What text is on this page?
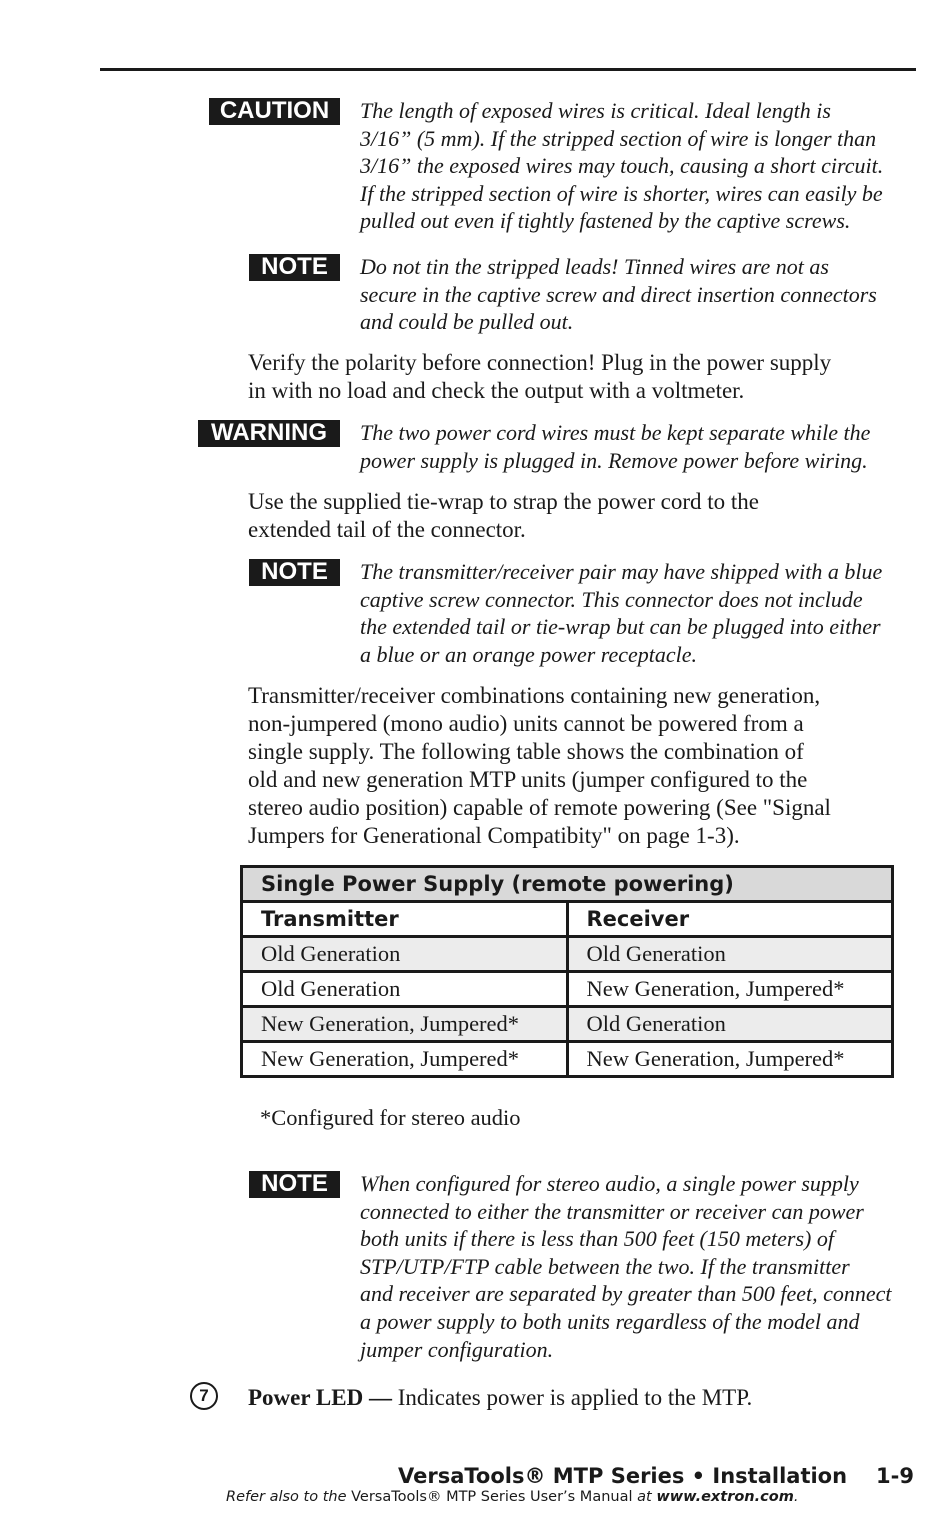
CAUTION	The length of exposed wires is critical. Ideal length is
3/16” (5 mm). If the stripped section of wire is longer than
3/16” the exposed wires may touch, causing a short circuit.
If the stripped section of wire is shorter, wires can easily be
pulled out even if tightly fastened by the captive screws.
NOTE	Do not tin the stripped leads! Tinned wires are not as
secure in the captive screw and direct insertion connectors
and could be pulled out.
Verify the polarity before connection! Plug in the power supply
in with no load and check the output with a voltmeter.
WARNING	The two power cord wires must be kept separate while the
power supply is plugged in. Remove power before wiring.
Use the supplied tie-wrap to strap the power cord to the
extended tail of the connector.
NOTE	The transmitter/receiver pair may have shipped with a blue
captive screw connector. This connector does not include
the extended tail or tie-wrap but can be plugged into either
a blue or an orange power receptacle.
Transmitter/receiver combinations containing new generation,
non-jumpered (mono audio) units cannot be powered from a
single supply. The following table shows the combination of
old and new generation MTP units (jumper configured to the
stereo audio position) capable of remote powering (See "Signal
Jumpers for Generational Compatibity" on page 1-3).
Single Power Supply (remote powering)	
Transmitter	Receiver
Old Generation	Old Generation
Old Generation	New Generation, Jumpered*
New Generation, Jumpered*	Old Generation
New Generation, Jumpered*	New Generation, Jumpered*
*Configured for stereo audio
NOTE	When configured for stereo audio, a single power supply
connected to either the transmitter or receiver can power
both units if there is less than 500 feet (150 meters) of
STP/UTP/FTP cable between the two. If the transmitter
and receiver are separated by greater than 500 feet, connect
a power supply to both units regardless of the model and
jumper configuration.
7	Power LED — Indicates power is applied to the MTP.
VersaTools® MTP Series • Installation 1-9
Refer also to the VersaTools® MTP Series User’s Manual at www.extron.com.
